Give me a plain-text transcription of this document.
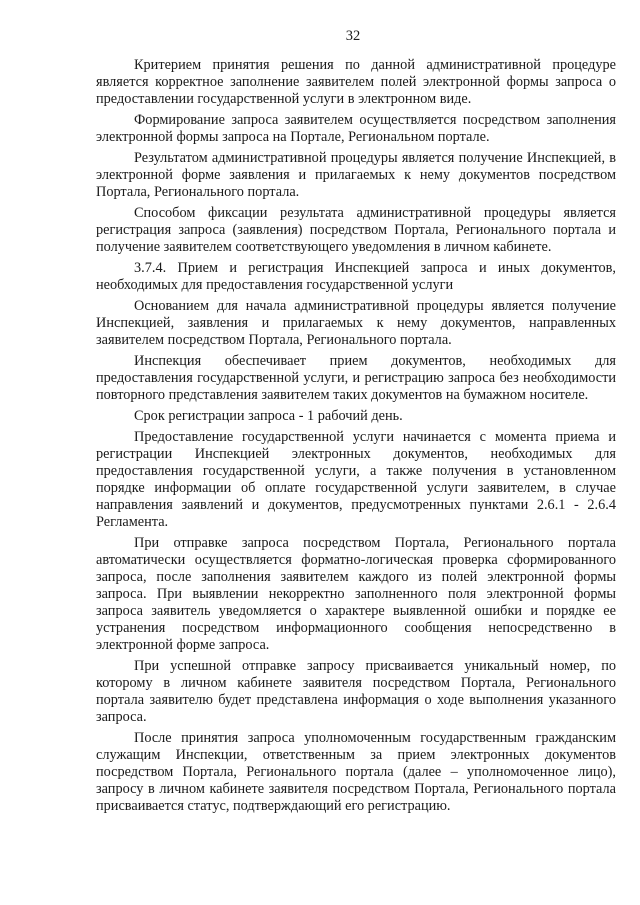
32

Критерием принятия решения по данной административной процедуре является корректное заполнение заявителем полей электронной формы запроса о предоставлении государственной услуги в электронном виде.

Формирование запроса заявителем осуществляется посредством заполнения электронной формы запроса на Портале, Региональном портале.

Результатом административной процедуры является получение Инспекцией, в электронной форме заявления и прилагаемых к нему документов посредством Портала, Регионального портала.

Способом фиксации результата административной процедуры является регистрация запроса (заявления) посредством Портала, Регионального портала и получение заявителем соответствующего уведомления в личном кабинете.

3.7.4. Прием и регистрация Инспекцией запроса и иных документов, необходимых для предоставления государственной услуги

Основанием для начала административной процедуры является получение Инспекцией, заявления и прилагаемых к нему документов, направленных заявителем посредством Портала, Регионального портала.

Инспекция обеспечивает прием документов, необходимых для предоставления государственной услуги, и регистрацию запроса без необходимости повторного представления заявителем таких документов на бумажном носителе.

Срок регистрации запроса - 1 рабочий день.

Предоставление государственной услуги начинается с момента приема и регистрации Инспекцией электронных документов, необходимых для предоставления государственной услуги, а также получения в установленном порядке информации об оплате государственной услуги заявителем, в случае направления заявлений и документов, предусмотренных пунктами 2.6.1 - 2.6.4 Регламента.

При отправке запроса посредством Портала, Регионального портала автоматически осуществляется форматно-логическая проверка сформированного запроса, после заполнения заявителем каждого из полей электронной формы запроса. При выявлении некорректно заполненного поля электронной формы запроса заявитель уведомляется о характере выявленной ошибки и порядке ее устранения посредством информационного сообщения непосредственно в электронной форме запроса.

При успешной отправке запросу присваивается уникальный номер, по которому в личном кабинете заявителя посредством Портала, Регионального портала заявителю будет представлена информация о ходе выполнения указанного запроса.

После принятия запроса уполномоченным государственным гражданским служащим Инспекции, ответственным за прием электронных документов посредством Портала, Регионального портала (далее – уполномоченное лицо), запросу в личном кабинете заявителя посредством Портала, Регионального портала присваивается статус, подтверждающий его регистрацию.
